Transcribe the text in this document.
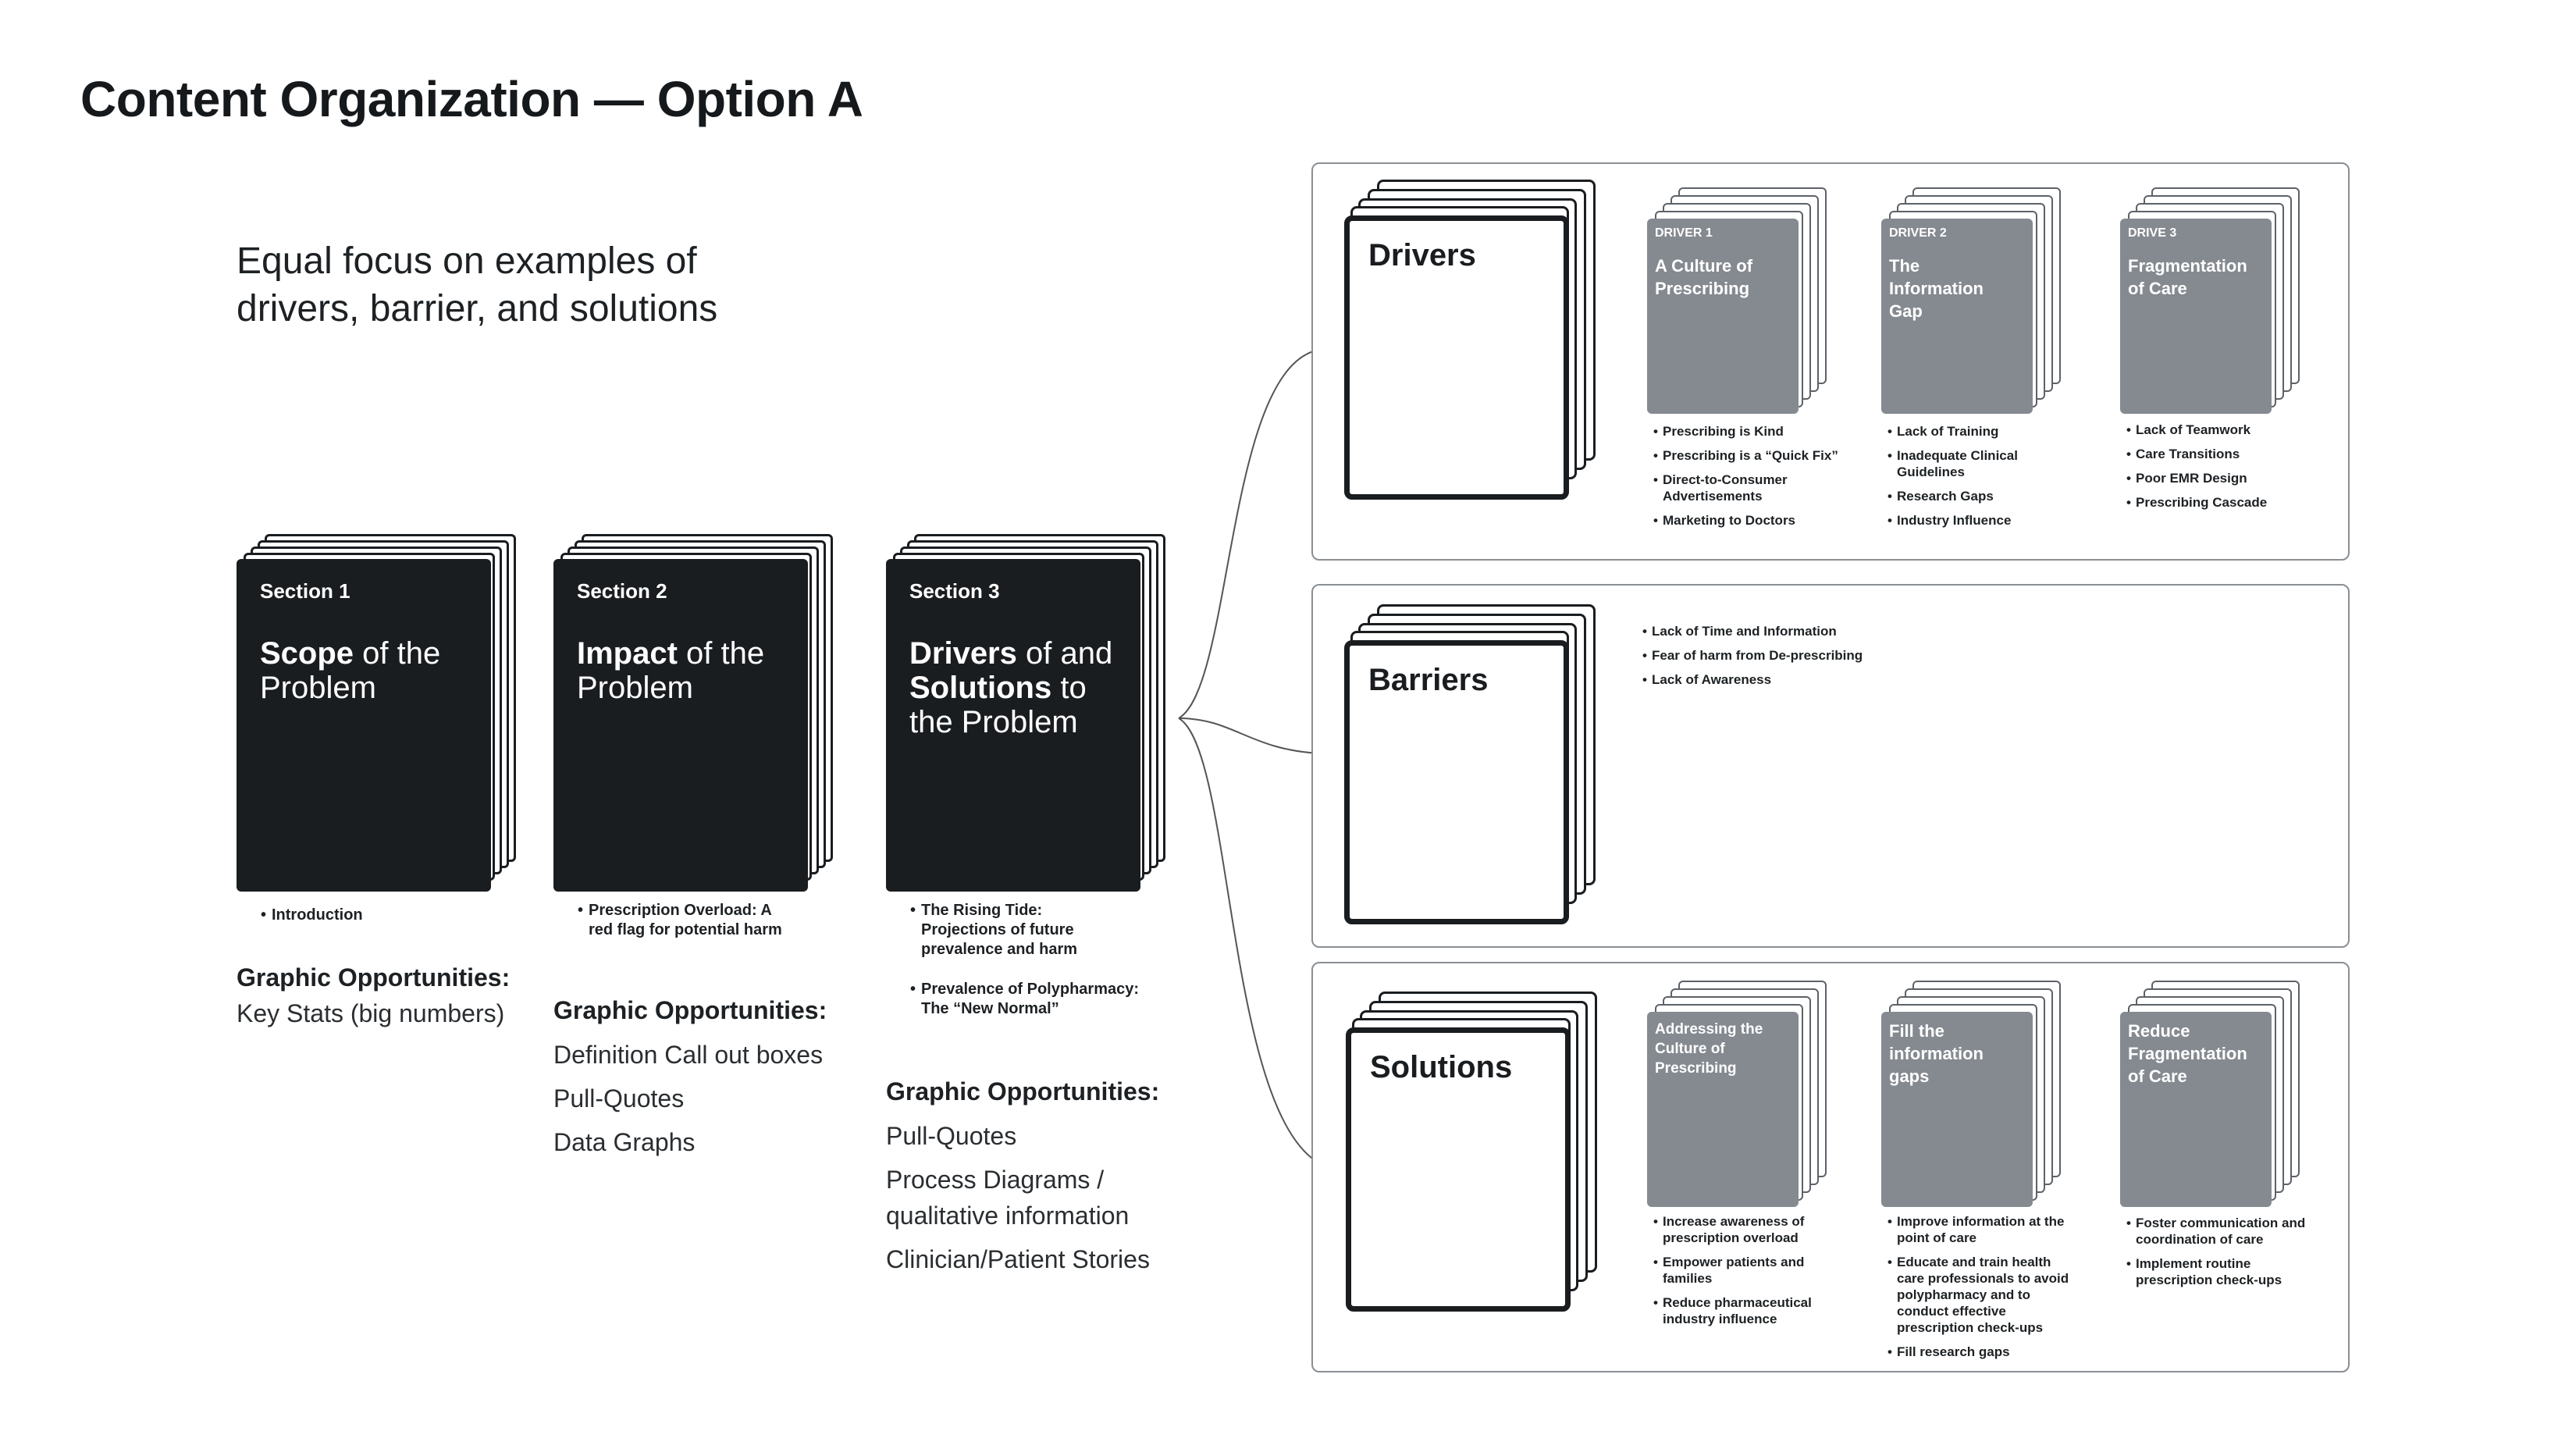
Content Organization — Option A
Equal focus on examples of drivers, barrier, and solutions
Section 1
Scope of the Problem
• Introduction
Graphic Opportunities:
Key Stats (big numbers)
Section 2
Impact of the Problem
• Prescription Overload: A red flag for potential harm
Graphic Opportunities:
Definition Call out boxes
Pull-Quotes
Data Graphs
Section 3
Drivers of and Solutions to the Problem
• The Rising Tide:
Projections of future prevalence and harm
• Prevalence of Polypharmacy:
The “New Normal”
Graphic Opportunities:
Pull-Quotes
Process Diagrams / qualitative information
Clinician/Patient Stories
Drivers
DRIVER 1
A Culture of Prescribing
• Prescribing is Kind
• Prescribing is a “Quick Fix”
• Direct-to-Consumer Advertisements
• Marketing to Doctors
DRIVER 2
The Information Gap
• Lack of Training
• Inadequate Clinical Guidelines
• Research Gaps
• Industry Influence
DRIVE 3
Fragmentation of Care
• Lack of Teamwork
• Care Transitions
• Poor EMR Design
• Prescribing Cascade
Barriers
• Lack of Time and Information
• Fear of harm from De-prescribing
• Lack of Awareness
Solutions
Addressing the Culture of Prescribing
• Increase awareness of prescription overload
• Empower patients and families
• Reduce pharmaceutical industry influence
Fill the information gaps
• Improve information at the point of care
• Educate and train health care professionals to avoid polypharmacy and to conduct effective prescription check-ups
• Fill research gaps
Reduce Fragmentation of Care
• Foster communication and coordination of care
• Implement routine prescription check-ups
